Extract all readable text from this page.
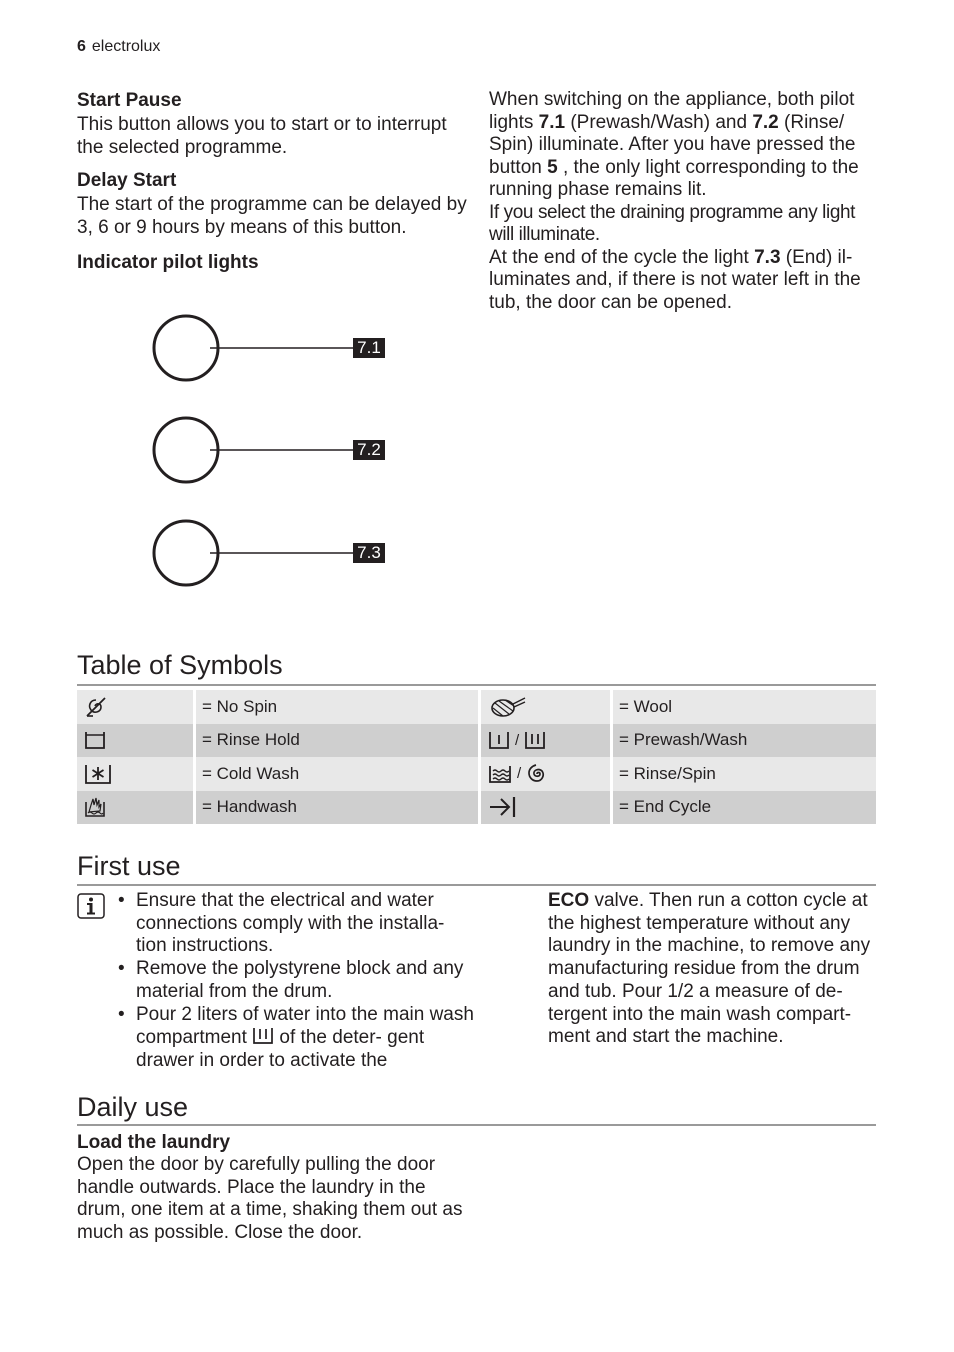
6 electrolux
Start Pause

This button allows you to start or to interrupt the selected programme.

Delay Start

The start of the programme can be delayed by 3, 6 or 9 hours by means of this button.

Indicator pilot lights
7.1
7.2
7.3

When switching on the appliance, both pilot lights 7.1 (Prewash/Wash) and 7.2 (Rinse/ Spin) illuminate. After you have pressed the button 5 , the only light corresponding to the running phase remains lit.

If you select the draining programme any light will illuminate.

At the end of the cycle the light 7.3 (End) il- luminates and, if there is not water left in the tub, the door can be opened.

Table of Symbols
	= No Spin		= Wool

	= Rinse Hold	/	= Prewash/Wash

	= Cold Wash	/	= Rinse/Spin

	= Handwash		= End Cycle
First use
• Ensure that the electrical and water connections comply with the installa- tion instructions.
• Remove the polystyrene block and any material from the drum.
• Pour 2 liters of water into the main wash compartment  of the deter- gent drawer in order to activate the

ECO valve. Then run a cotton cycle at the highest temperature without any laundry in the machine, to remove any manufacturing residue from the drum and tub. Pour 1/2 a measure of de- tergent into the main wash compart- ment and start the machine.

Daily use
Load the laundry

Open the door by carefully pulling the door handle outwards. Place the laundry in the drum, one item at a time, shaking them out as much as possible. Close the door.
